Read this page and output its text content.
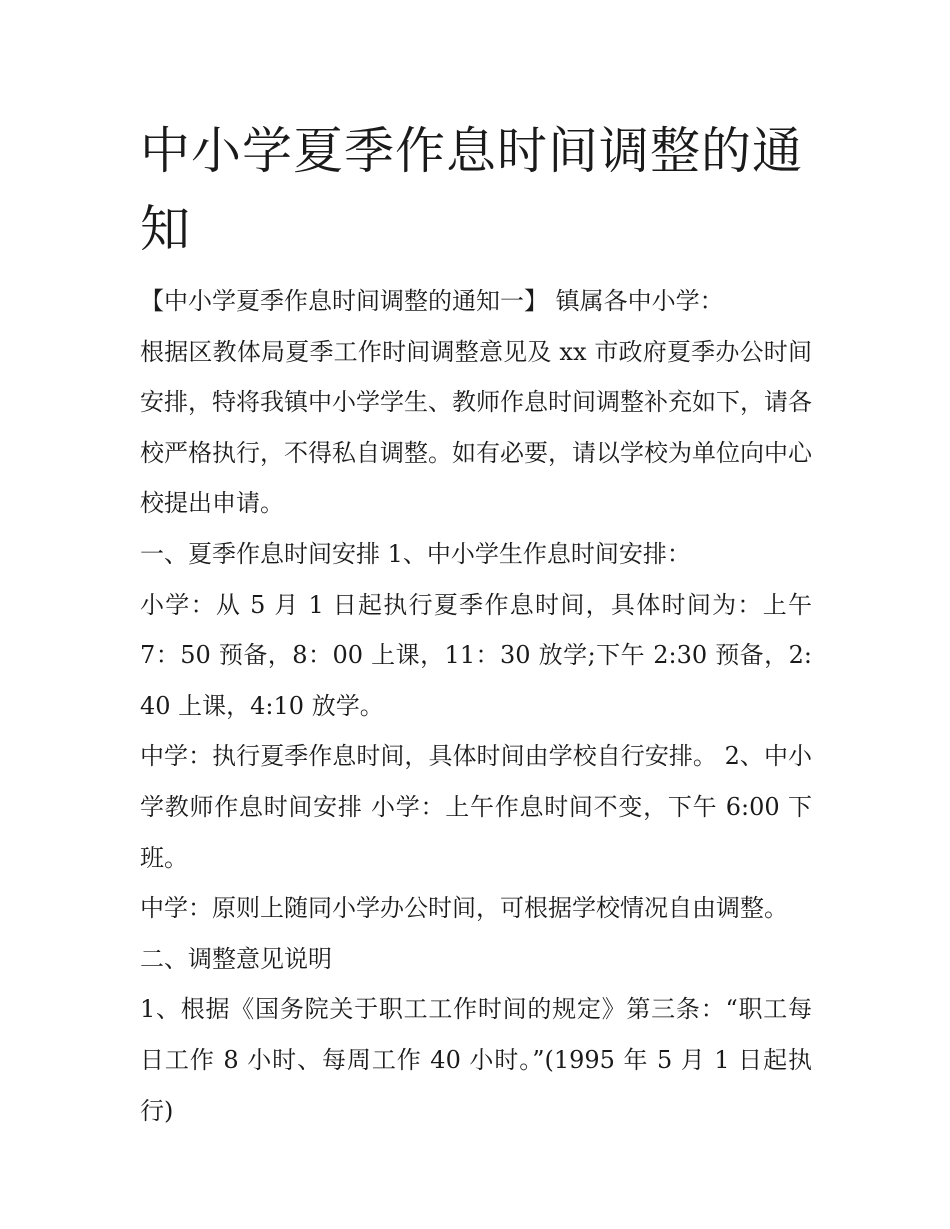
中小学夏季作息时间调整的通知

【中小学夏季作息时间调整的通知一】 镇属各中小学：

根据区教体局夏季工作时间调整意见及 xx 市政府夏季办公时间安排，特将我镇中小学学生、教师作息时间调整补充如下，请各校严格执行，不得私自调整。如有必要，请以学校为单位向中心校提出申请。

一、夏季作息时间安排 1、中小学生作息时间安排：

小学：从 5 月 1 日起执行夏季作息时间，具体时间为：上午 7：50 预备，8：00 上课，11：30 放学;下午 2:30 预备，2:40 上课，4:10 放学。

中学：执行夏季作息时间，具体时间由学校自行安排。 2、中小学教师作息时间安排 小学：上午作息时间不变，下午 6:00 下班。

中学：原则上随同小学办公时间，可根据学校情况自由调整。

二、调整意见说明

1、根据《国务院关于职工工作时间的规定》第三条：“职工每日工作 8 小时、每周工作 40 小时。”(1995 年 5 月 1 日起执行)
